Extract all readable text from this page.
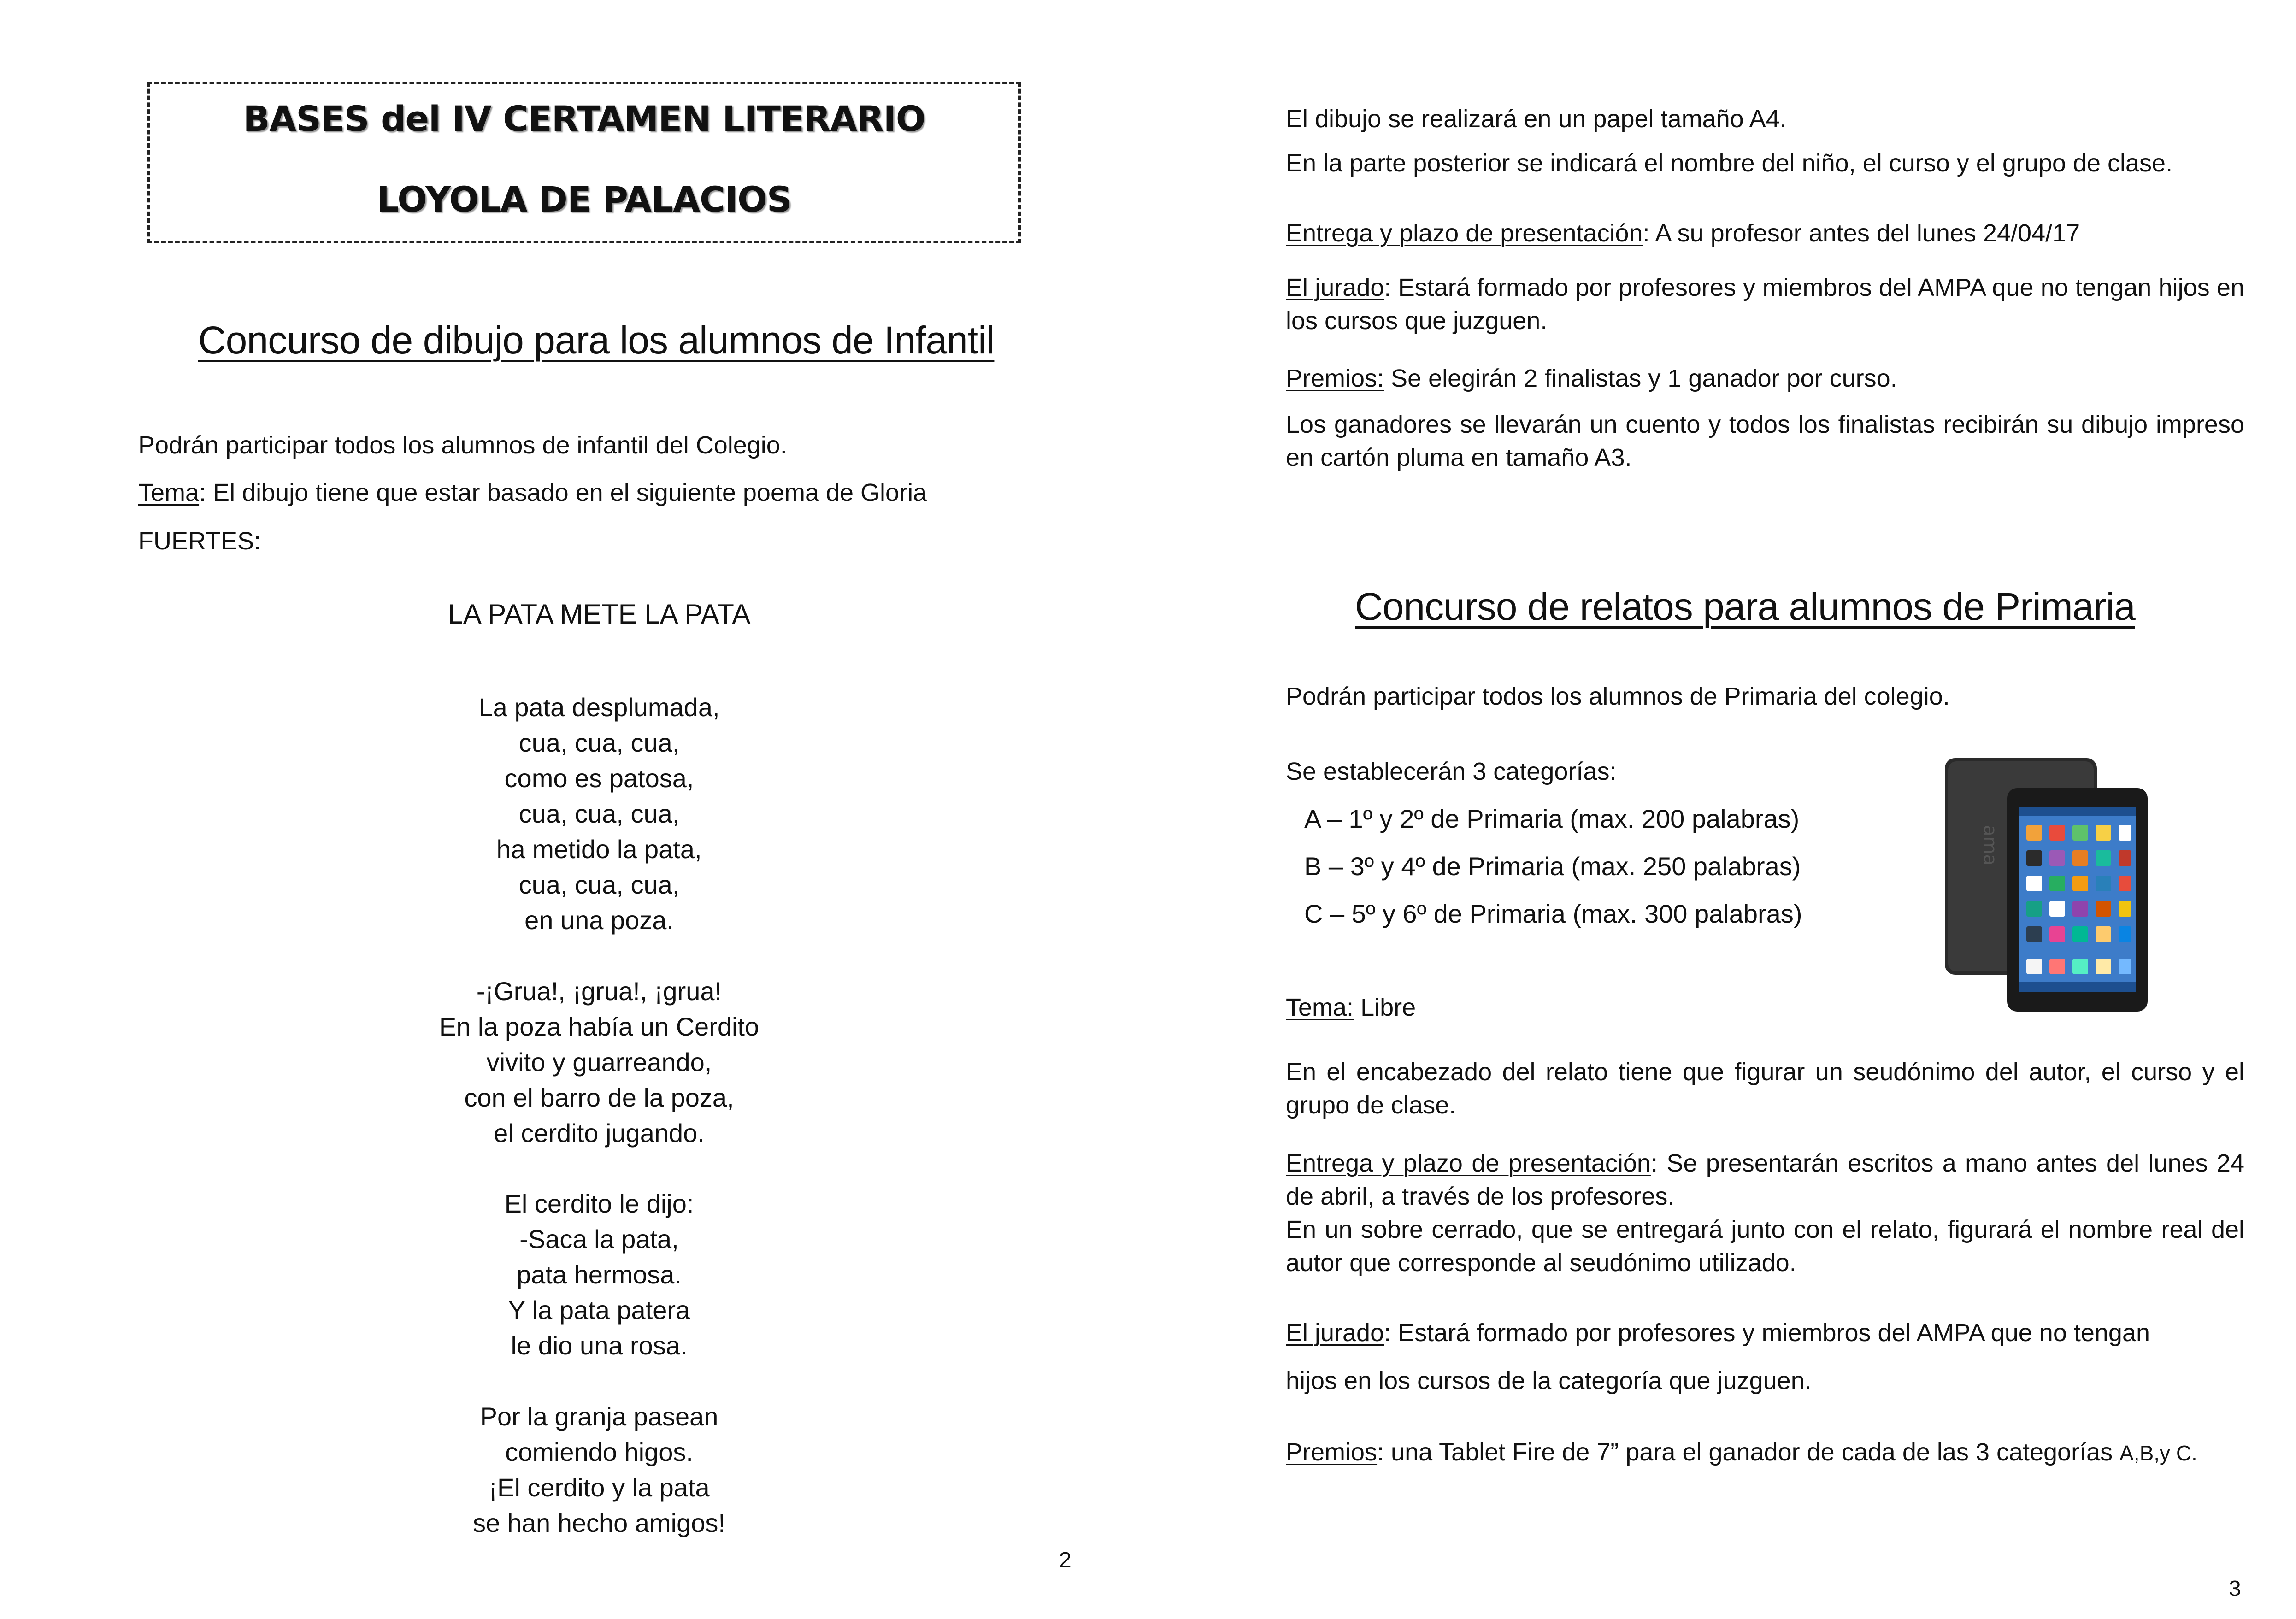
BASES del IV CERTAMEN LITERARIO
LOYOLA DE PALACIOS
Concurso de dibujo para los alumnos de Infantil
Podrán participar todos los alumnos de infantil del Colegio.
Tema: El dibujo tiene que estar basado en el siguiente poema de Gloria
FUERTES:
LA PATA METE LA PATA
La pata desplumada,
cua, cua, cua,
como es patosa,
cua, cua, cua,
ha metido la pata,
cua, cua, cua,
en una poza.
-¡Grua!, ¡grua!, ¡grua!
En la poza había un Cerdito
vivito y guarreando,
con el barro de la poza,
el cerdito jugando.
El cerdito le dijo:
-Saca la pata,
pata hermosa.
Y la pata patera
le dio una rosa.
Por la granja pasean
comiendo higos.
¡El cerdito y la pata
se han hecho amigos!
2
El dibujo se realizará en un papel tamaño A4.
En la parte posterior se indicará el nombre del niño, el curso y el grupo de clase.
Entrega y plazo de presentación: A su profesor antes del lunes 24/04/17
El jurado: Estará formado por profesores y miembros del AMPA que no tengan hijos en los cursos que juzguen.
Premios: Se elegirán 2 finalistas y 1 ganador por curso.
Los ganadores se llevarán un cuento y todos los finalistas recibirán su dibujo impreso en cartón pluma en tamaño A3.
Concurso de relatos para alumnos de Primaria
Podrán participar todos los alumnos de Primaria del colegio.
Se establecerán 3 categorías:
A – 1º y 2º de Primaria (max. 200 palabras)
B – 3º y 4º de Primaria (max. 250 palabras)
C – 5º y 6º de Primaria (max. 300 palabras)
ama
Tema: Libre
En el encabezado del relato tiene que figurar un seudónimo del autor, el curso y el grupo de clase.
Entrega y plazo de presentación: Se presentarán escritos a mano antes del lunes 24 de abril, a través de los profesores.
En un sobre cerrado, que se entregará junto con el relato, figurará el nombre real del autor que corresponde al seudónimo utilizado.
El jurado: Estará formado por profesores y miembros del AMPA que no tengan
hijos en los cursos de la categoría que juzguen.
Premios: una Tablet Fire de 7” para el ganador de cada de las 3 categorías A,B,y C.
3
